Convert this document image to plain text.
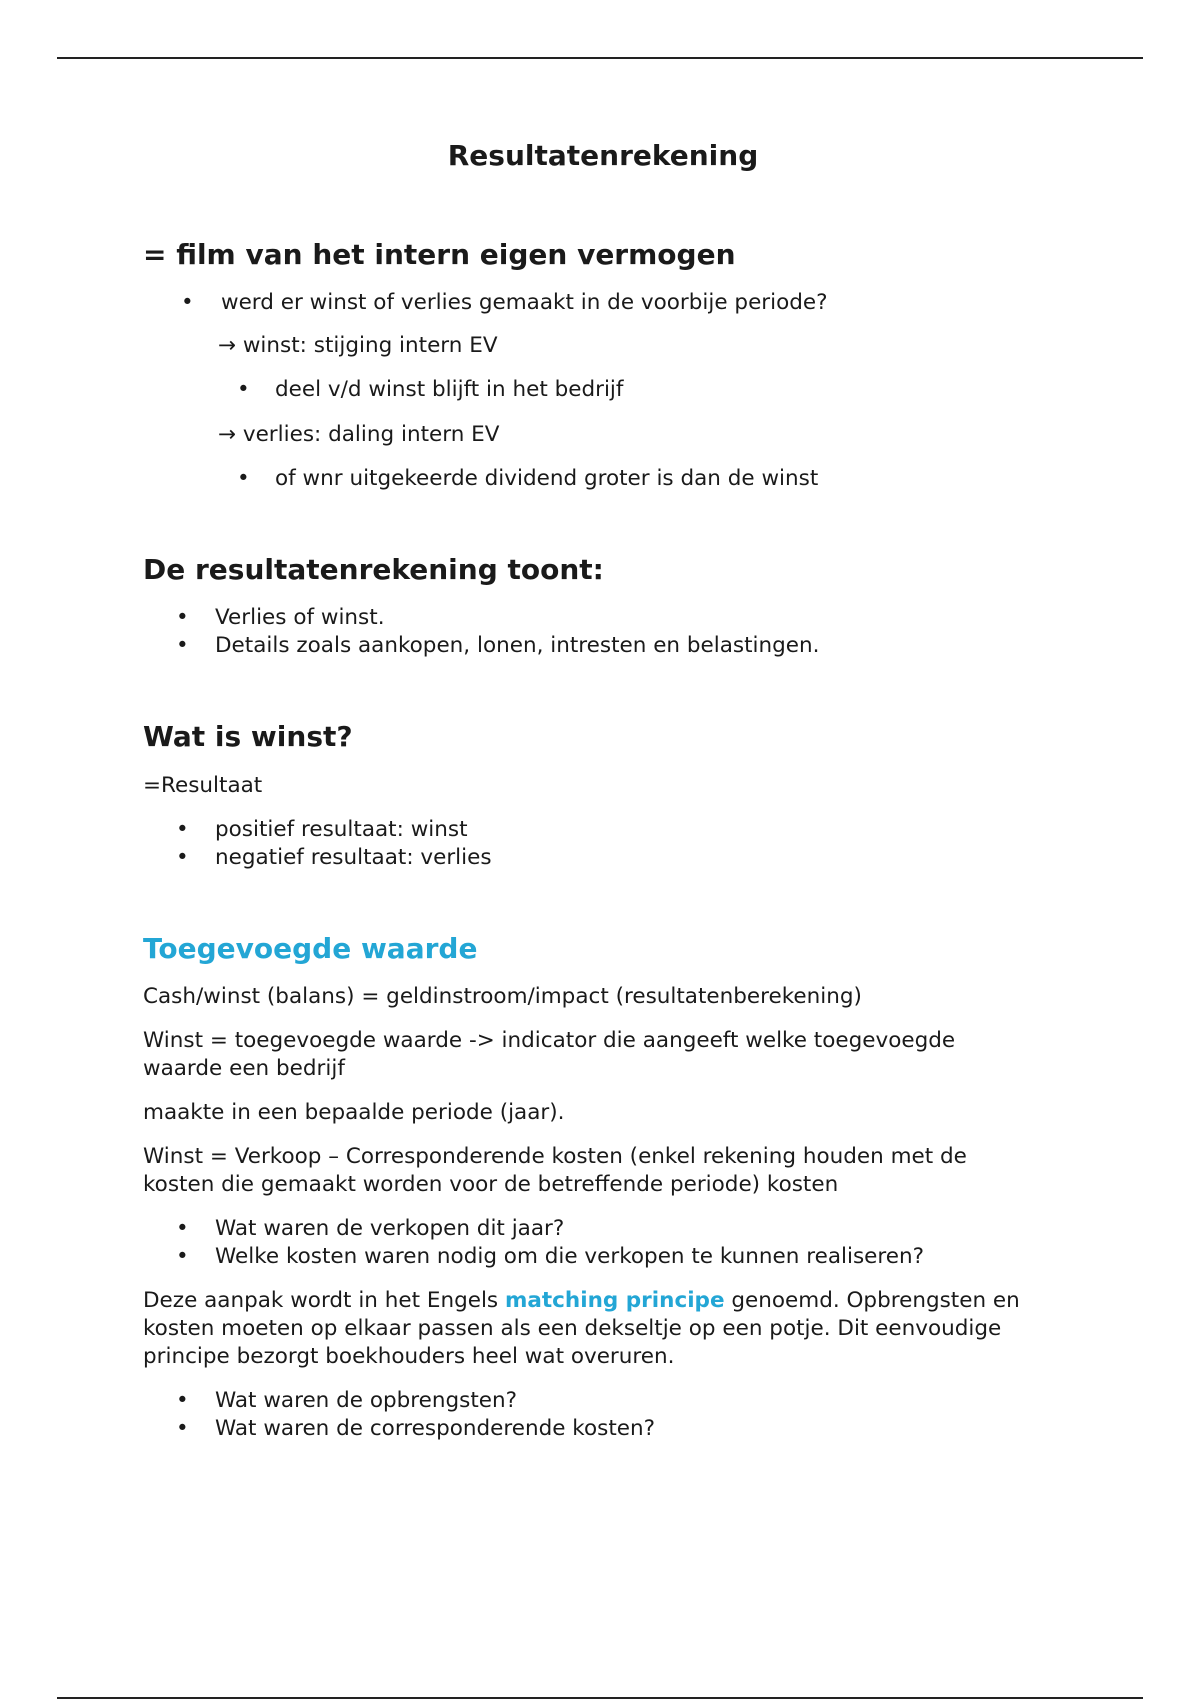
Resultatenrekening
= film van het intern eigen vermogen
• werd er winst of verlies gemaakt in de voorbije periode?

→ winst: stijging intern EV

• deel v/d winst blijft in het bedrijf

→ verlies: daling intern EV

• of wnr uitgekeerde dividend groter is dan de winst

De resultatenrekening toont:
• Verlies of winst.

• Details zoals aankopen, lonen, intresten en belastingen.

Wat is winst?

=Resultaat

• positief resultaat: winst

• negatief resultaat: verlies

Toegevoegde waarde

Cash/winst (balans) = geldinstroom/impact (resultatenberekening)

Winst = toegevoegde waarde -> indicator die aangeeft welke toegevoegde

waarde een bedrijf

maakte in een bepaalde periode (jaar).

Winst = Verkoop – Corresponderende kosten (enkel rekening houden met de

kosten die gemaakt worden voor de betreffende periode) kosten

• Wat waren de verkopen dit jaar?

• Welke kosten waren nodig om die verkopen te kunnen realiseren?

Deze aanpak wordt in het Engels matching principe genoemd. Opbrengsten en

kosten moeten op elkaar passen als een dekseltje op een potje. Dit eenvoudige

principe bezorgt boekhouders heel wat overuren.

• Wat waren de opbrengsten?

• Wat waren de corresponderende kosten?
